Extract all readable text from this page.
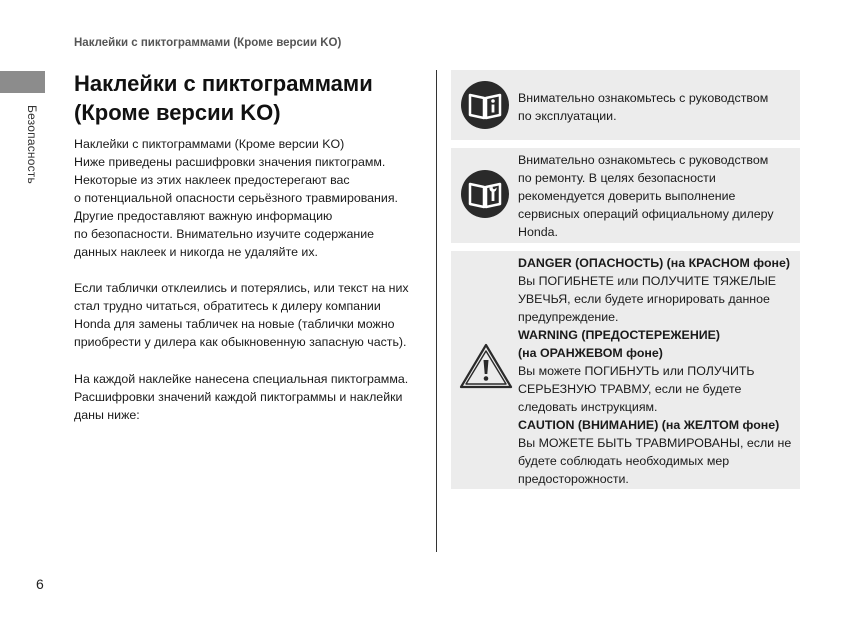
Наклейки с пиктограммами (Кроме версии KO)
Безопасность
Наклейки с пиктограммами
(Кроме версии KO)

Наклейки с пиктограммами (Кроме версии KO)

Ниже приведены расшифровки значения пиктограмм.

Некоторые из этих наклеек предостерегают вас

о потенциальной опасности серьёзного травмирования.

Другие предоставляют важную информацию

по безопасности. Внимательно изучите содержание

данных наклеек и никогда не удаляйте их.

Если таблички отклеились и потерялись, или текст на них

стал трудно читаться, обратитесь к дилеру компании

Honda для замены табличек на новые (таблички можно

приобрести у дилера как обыкновенную запасную часть).

На каждой наклейке нанесена специальная пиктограмма.

Расшифровки значений каждой пиктограммы и наклейки

даны ниже:

Внимательно ознакомьтесь с руководством

по эксплуатации.

Внимательно ознакомьтесь с руководством

по ремонту. В целях безопасности

рекомендуется доверить выполнение

сервисных операций официальному дилеру

Honda.

DANGER (ОПАСНОСТЬ) (на КРАСНОМ фоне)

Вы ПОГИБНЕТЕ или ПОЛУЧИТЕ ТЯЖЕЛЫЕ

УВЕЧЬЯ, если будете игнорировать данное

предупреждение.

WARNING (ПРЕДОСТЕРЕЖЕНИЕ)

(на ОРАНЖЕВОМ фоне)

Вы можете ПОГИБНУТЬ или ПОЛУЧИТЬ

СЕРЬЕЗНУЮ ТРАВМУ, если не будете

следовать инструкциям.

CAUTION (ВНИМАНИЕ) (на ЖЕЛТОМ фоне)

Вы МОЖЕТЕ БЫТЬ ТРАВМИРОВАНЫ, если не

будете соблюдать необходимых мер

предосторожности.

6
